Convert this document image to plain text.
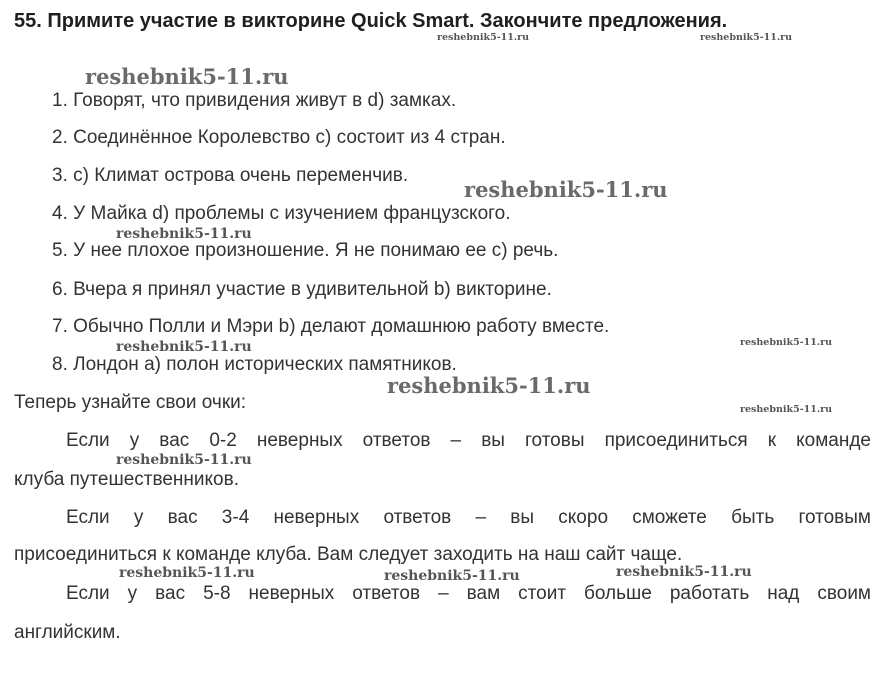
55. Примите участие в викторине Quick Smart. Закончите предложения.
1. Говорят, что привидения живут в d) замках.
2. Соединённое Королевство с) состоит из 4 стран.
3. с) Климат острова очень переменчив.
4. У Майка d) проблемы с изучением французского.
5. У нее плохое произношение. Я не понимаю ее с) речь.
6. Вчера я принял участие в удивительной b) викторине.
7. Обычно Полли и Мэри b) делают домашнюю работу вместе.
8. Лондон а) полон исторических памятников.
Теперь узнайте свои очки:
Если у вас 0-2 неверных ответов – вы готовы присоединиться к команде
клуба путешественников.
Если у вас 3-4 неверных ответов – вы скоро сможете быть готовым
присоединиться к команде клуба. Вам следует заходить на наш сайт чаще.
Если у вас 5-8 неверных ответов – вам стоит больше работать над своим
английским.
reshebnik5-11.ru	reshebnik5-11.ru
reshebnik5-11.ru
reshebnik5-11.ru
reshebnik5-11.ru
reshebnik5-11.ru	reshebnik5-11.ru
reshebnik5-11.ru
reshebnik5-11.ru
reshebnik5-11.ru
reshebnik5-11.ru	reshebnik5-11.ru	reshebnik5-11.ru
